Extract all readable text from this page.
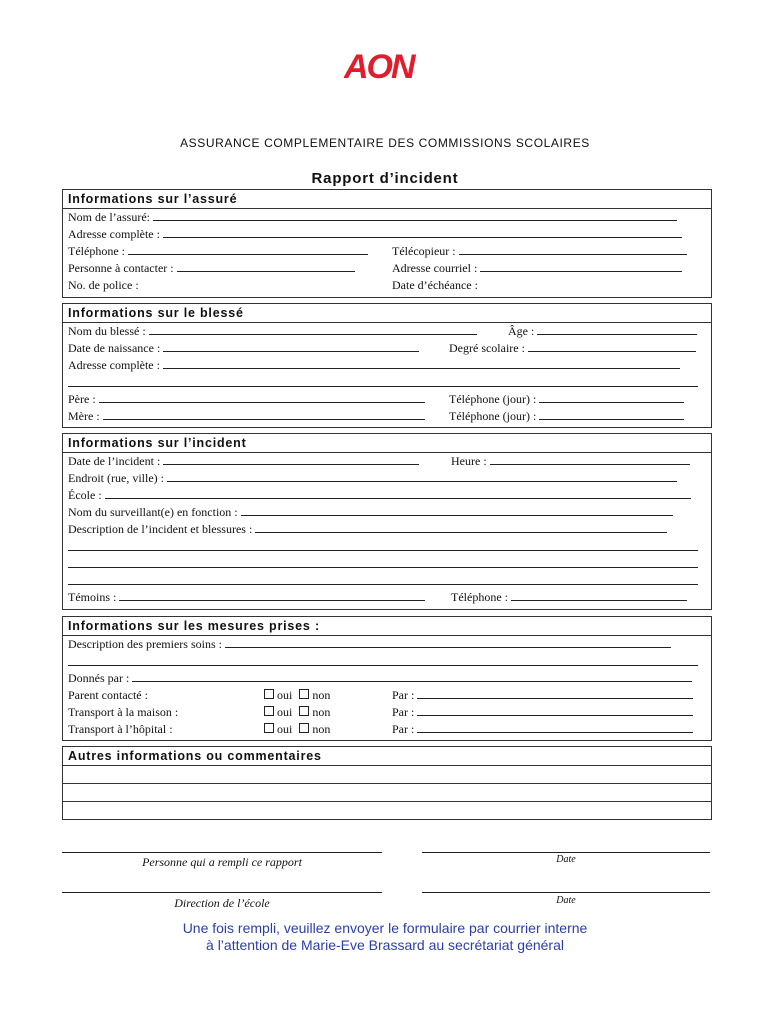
AON
ASSURANCE COMPLEMENTAIRE DES COMMISSIONS SCOLAIRES
Rapport d’incident
Informations sur l’assuré
Nom de l’assuré:
Adresse complète :
Téléphone :	Télécopieur :
Personne à contacter :	Adresse courriel :
No. de police :	Date d’échéance :
Informations sur le blessé
Nom du blessé :	Âge :
Date de naissance :	Degré scolaire :
Adresse complète :
Père :	Téléphone (jour) :
Mère :	Téléphone (jour) :
Informations sur l’incident
Date de l’incident :	Heure :
Endroit (rue, ville) :
École :
Nom du surveillant(e) en fonction :
Description de l’incident et blessures :
Témoins :	Téléphone :
Informations sur les mesures prises :
Description des premiers soins :
Donnés par :
Parent contacté :	oui non	Par :
Transport à la maison :	oui non	Par :
Transport à l’hôpital :	oui non	Par :
Autres informations ou commentaires
Personne qui a rempli ce rapport	Date
Direction de l’école	Date
Une fois rempli, veuillez envoyer le formulaire par courrier interne
à l’attention de Marie-Eve Brassard au secrétariat général
